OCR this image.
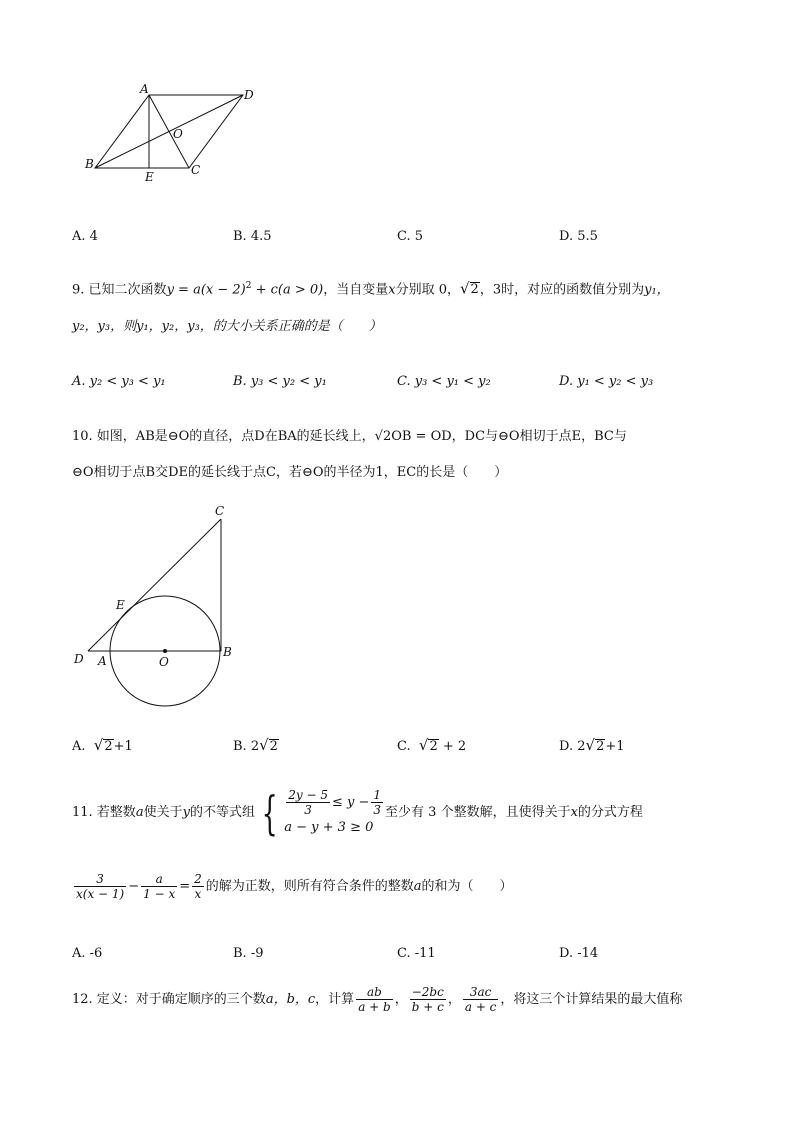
A	D
O
B
E	C
A. 4	B. 4.5	C. 5	D. 5.5
9. 已知二次函数$y = a(x - 2)^2 + c(a > 0)$，当自变量x分别取 0，√2，3时，对应的函数值分别为y₁，
y₂，y₃，则y₁，y₂，y₃，的大小关系正确的是（　　）
A. y₂ < y₃ < y₁	B. y₃ < y₂ < y₁	C. y₃ < y₁ < y₂	D. y₁ < y₂ < y₃
10. 如图，AB是⊖O的直径，点D在BA的延长线上，√2OB = OD，DC与⊖O相切于点E，BC与
⊖O相切于点B交DE的延长线于点C，若⊖O的半径为1，EC的长是（　　）
C
E
D A	O
B
A. √2+1	B. 2√2	C. √2 + 2	D. 2√2+1
11. 若整数 a 使关于 y 的不等式组 { $\frac{2y - 5}{3} \le y - \frac{1}{3}$
a − y + 3 ≥ 0
至少有 3 个整数解，且使得关于 x 的分式方程
$\frac{3}{x(x - 1)} - \frac{a}{1 - x} = \frac{2}{x}$ 的解为正数，则所有符合条件的整数 a 的和为（　　）
A. -6	B. -9	C. -11	D. -14
12. 定义：对于确定顺序的三个数 a，b，c ，计算 $\frac{ab}{a + b}$ ， $\frac{-2bc}{b + c}$ ， $\frac{3ac}{a + c}$ ，将这三个计算结果的最大值称
